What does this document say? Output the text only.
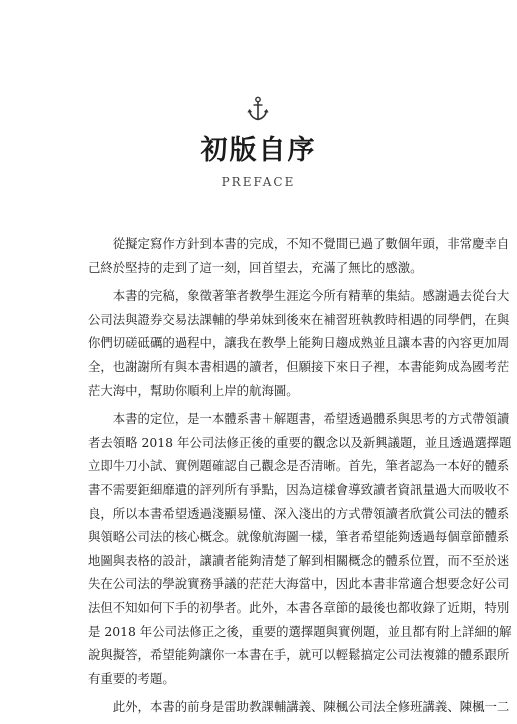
初版自序
PREFACE

　　從擬定寫作方針到本書的完成，不知不覺間已過了數個年頭，非常慶幸自
己終於堅持的走到了這一刻，回首望去，充滿了無比的感激。

　　本書的完稿，象徵著筆者教學生涯迄今所有精華的集結。感謝過去從台大
公司法與證券交易法課輔的學弟妹到後來在補習班執教時相遇的同學們，在與
你們切磋砥礪的過程中，讓我在教學上能夠日趨成熟並且讓本書的內容更加周
全，也謝謝所有與本書相遇的讀者，但願接下來日子裡，本書能夠成為國考茫
茫大海中，幫助你順利上岸的航海圖。

　　本書的定位，是一本體系書＋解題書，希望透過體系與思考的方式帶領讀
者去領略 2018 年公司法修正後的重要的觀念以及新興議題，並且透過選擇題
立即牛刀小試、實例題確認自己觀念是否清晰。首先，筆者認為一本好的體系
書不需要鉅細靡遺的評列所有爭點，因為這樣會導致讀者資訊量過大而吸收不
良，所以本書希望透過淺顯易懂、深入淺出的方式帶領讀者欣賞公司法的體系
與領略公司法的核心概念。就像航海圖一樣，筆者希望能夠透過每個章節體系
地圖與表格的設計，讓讀者能夠清楚了解到相關概念的體系位置，而不至於迷
失在公司法的學說實務爭議的茫茫大海當中，因此本書非常適合想要念好公司
法但不知如何下手的初學者。此外，本書各章節的最後也都收錄了近期，特別
是 2018 年公司法修正之後，重要的選擇題與實例題，並且都有附上詳細的解
說與擬答，希望能夠讓你一本書在手，就可以輕鬆搞定公司法複雜的體系跟所
有重要的考題。

　　此外，本書的前身是雷助教課輔講義、陳楓公司法全修班講義、陳楓一二
